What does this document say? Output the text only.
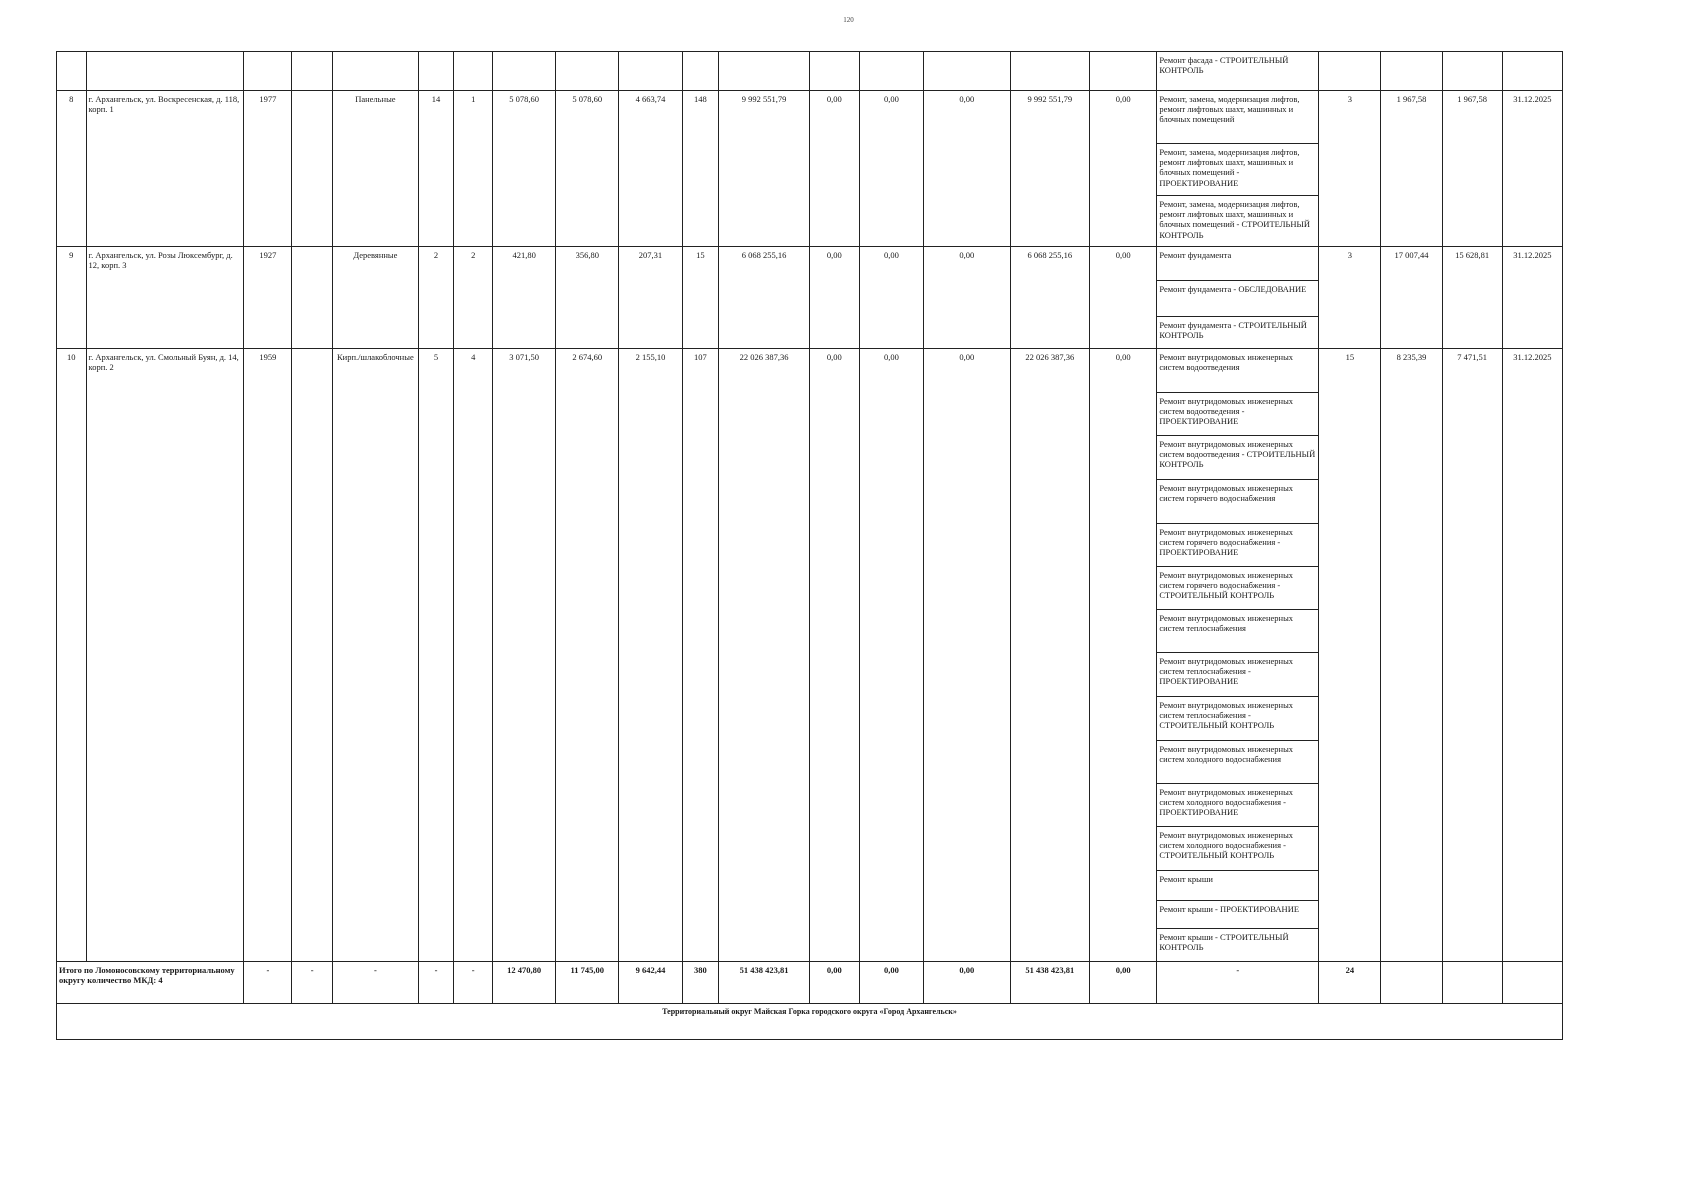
120
																	Ремонт фасада - СТРОИТЕЛЬНЫЙ КОНТРОЛЬ				
8	г. Архангельск, ул. Воскресенская, д. 118, корп. 1	1977		Панельные	14	1	5 078,60	5 078,60	4 663,74	148	9 992 551,79	0,00	0,00	0,00	9 992 551,79	0,00	Ремонт, замена, модернизация лифтов, ремонт лифтовых шахт, машинных и блочных помещений	3	1 967,58	1 967,58	31.12.2025
																	Ремонт, замена, модернизация лифтов, ремонт лифтовых шахт, машинных и блочных помещений - ПРОЕКТИРОВАНИЕ				
																	Ремонт, замена, модернизация лифтов, ремонт лифтовых шахт, машинных и блочных помещений - СТРОИТЕЛЬНЫЙ КОНТРОЛЬ				
9	г. Архангельск, ул. Розы Люксембург, д. 12, корп. 3	1927		Деревянные	2	2	421,80	356,80	207,31	15	6 068 255,16	0,00	0,00	0,00	6 068 255,16	0,00	Ремонт фундамента	3	17 007,44	15 628,81	31.12.2025
																	Ремонт фундамента - ОБСЛЕДОВАНИЕ				
																	Ремонт фундамента - СТРОИТЕЛЬНЫЙ КОНТРОЛЬ				
10	г. Архангельск, ул. Смольный Буян, д. 14, корп. 2	1959		Кирп./шлакоблочные	5	4	3 071,50	2 674,60	2 155,10	107	22 026 387,36	0,00	0,00	0,00	22 026 387,36	0,00	Ремонт внутридомовых инженерных систем водоотведения	15	8 235,39	7 471,51	31.12.2025
																	Ремонт внутридомовых инженерных систем водоотведения - ПРОЕКТИРОВАНИЕ				
																	Ремонт внутридомовых инженерных систем водоотведения - СТРОИТЕЛЬНЫЙ КОНТРОЛЬ				
																	Ремонт внутридомовых инженерных систем горячего водоснабжения				
																	Ремонт внутридомовых инженерных систем горячего водоснабжения - ПРОЕКТИРОВАНИЕ				
																	Ремонт внутридомовых инженерных систем горячего водоснабжения - СТРОИТЕЛЬНЫЙ КОНТРОЛЬ				
																	Ремонт внутридомовых инженерных систем теплоснабжения				
																	Ремонт внутридомовых инженерных систем теплоснабжения - ПРОЕКТИРОВАНИЕ				
																	Ремонт внутридомовых инженерных систем теплоснабжения - СТРОИТЕЛЬНЫЙ КОНТРОЛЬ				
																	Ремонт внутридомовых инженерных систем холодного водоснабжения				
																	Ремонт внутридомовых инженерных систем холодного водоснабжения - ПРОЕКТИРОВАНИЕ				
																	Ремонт внутридомовых инженерных систем холодного водоснабжения - СТРОИТЕЛЬНЫЙ КОНТРОЛЬ				
																	Ремонт крыши				
																	Ремонт крыши - ПРОЕКТИРОВАНИЕ				
																	Ремонт крыши - СТРОИТЕЛЬНЫЙ КОНТРОЛЬ				
Итого по Ломоносовскому территориальному округу количество МКД: 4		-	-	-	-	-	12 470,80	11 745,00	9 642,44	380	51 438 423,81	0,00	0,00	0,00	51 438 423,81	0,00	-	24			
Территориальный округ Майская Горка городского округа «Город Архангельск»																					
